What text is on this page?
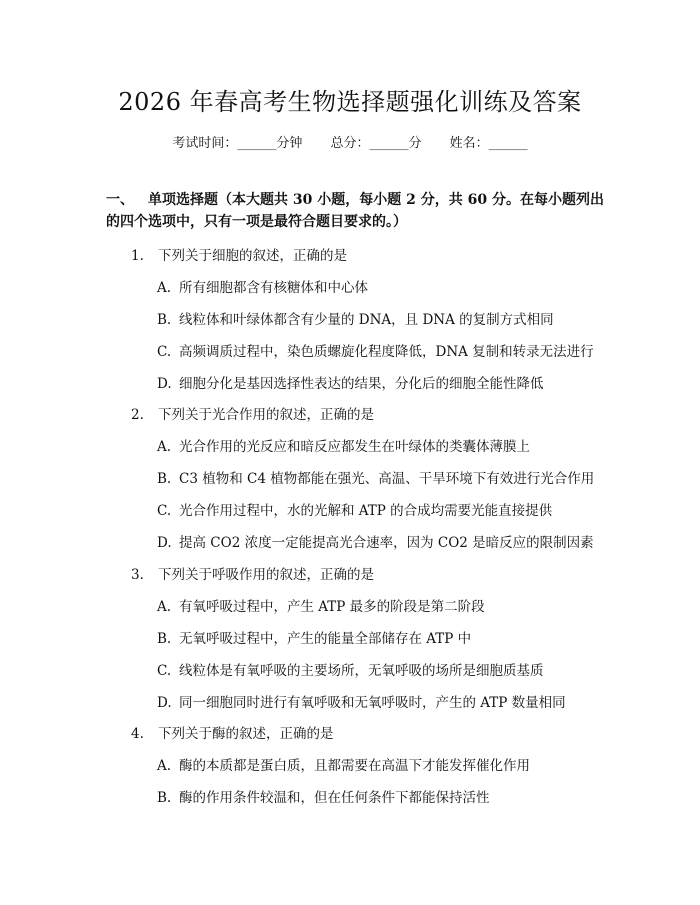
2026 年春高考生物选择题强化训练及答案
考试时间：______分钟 总分：______分 姓名：______
一、 单项选择题（本大题共 30 小题，每小题 2 分，共 60 分。在每小题列出的四个选项中，只有一项是最符合题目要求的。）
1. 下列关于细胞的叙述，正确的是
A. 所有细胞都含有核糖体和中心体
B. 线粒体和叶绿体都含有少量的 DNA，且 DNA 的复制方式相同
C. 高频调质过程中，染色质螺旋化程度降低，DNA 复制和转录无法进行
D. 细胞分化是基因选择性表达的结果，分化后的细胞全能性降低
2. 下列关于光合作用的叙述，正确的是
A. 光合作用的光反应和暗反应都发生在叶绿体的类囊体薄膜上
B. C3 植物和 C4 植物都能在强光、高温、干旱环境下有效进行光合作用
C. 光合作用过程中，水的光解和 ATP 的合成均需要光能直接提供
D. 提高 CO2 浓度一定能提高光合速率，因为 CO2 是暗反应的限制因素
3. 下列关于呼吸作用的叙述，正确的是
A. 有氧呼吸过程中，产生 ATP 最多的阶段是第二阶段
B. 无氧呼吸过程中，产生的能量全部储存在 ATP 中
C. 线粒体是有氧呼吸的主要场所，无氧呼吸的场所是细胞质基质
D. 同一细胞同时进行有氧呼吸和无氧呼吸时，产生的 ATP 数量相同
4. 下列关于酶的叙述，正确的是
A. 酶的本质都是蛋白质，且都需要在高温下才能发挥催化作用
B. 酶的作用条件较温和，但在任何条件下都能保持活性
